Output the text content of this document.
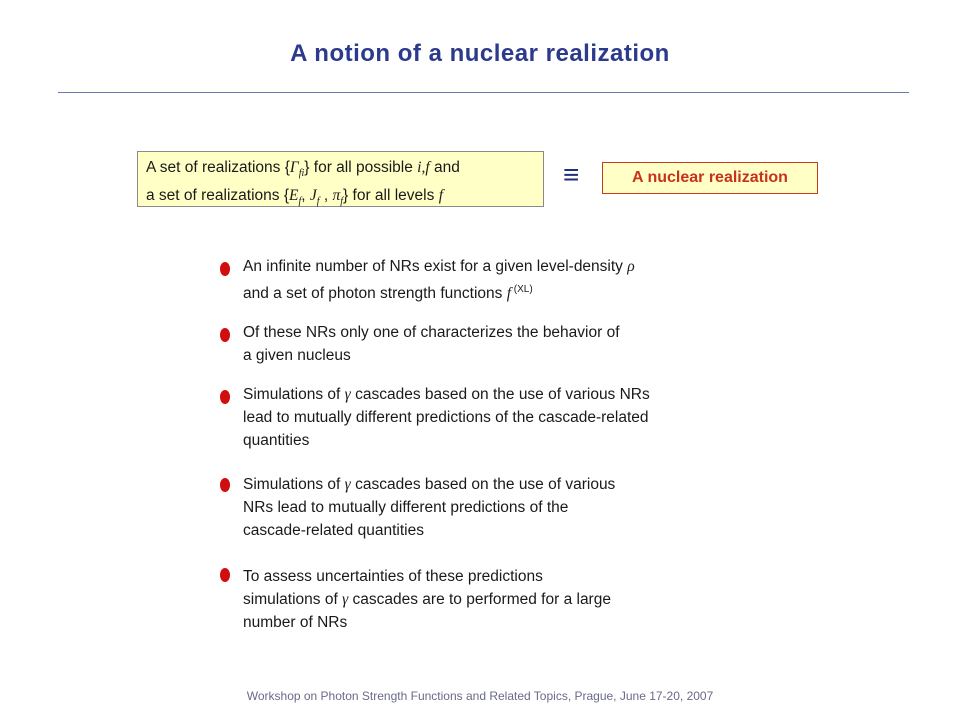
A notion of a nuclear realization
A set of realizations $\{\Gamma_{fi}\}$ for all possible i,f and
a set of realizations {$E_f$, $J_f$ , $\pi_f$} for all levels f
≡	A nuclear realization
An infinite number of NRs exist for a given level-density ρ
and a set of photon strength functions f $^{(XL)}$
Of these NRs only one of characterizes the behavior of
a given nucleus
Simulations of γ cascades based on the use of various NRs
lead to mutually different predictions of the cascade-related
quantities
Simulations of γ cascades based on the use of various
NRs lead to mutually different predictions of the
cascade-related quantities
To assess uncertainties of these predictions
simulations of γ cascades are to performed for a large
number of NRs
Workshop on Photon Strength Functions and Related Topics, Prague, June 17-20, 2007
